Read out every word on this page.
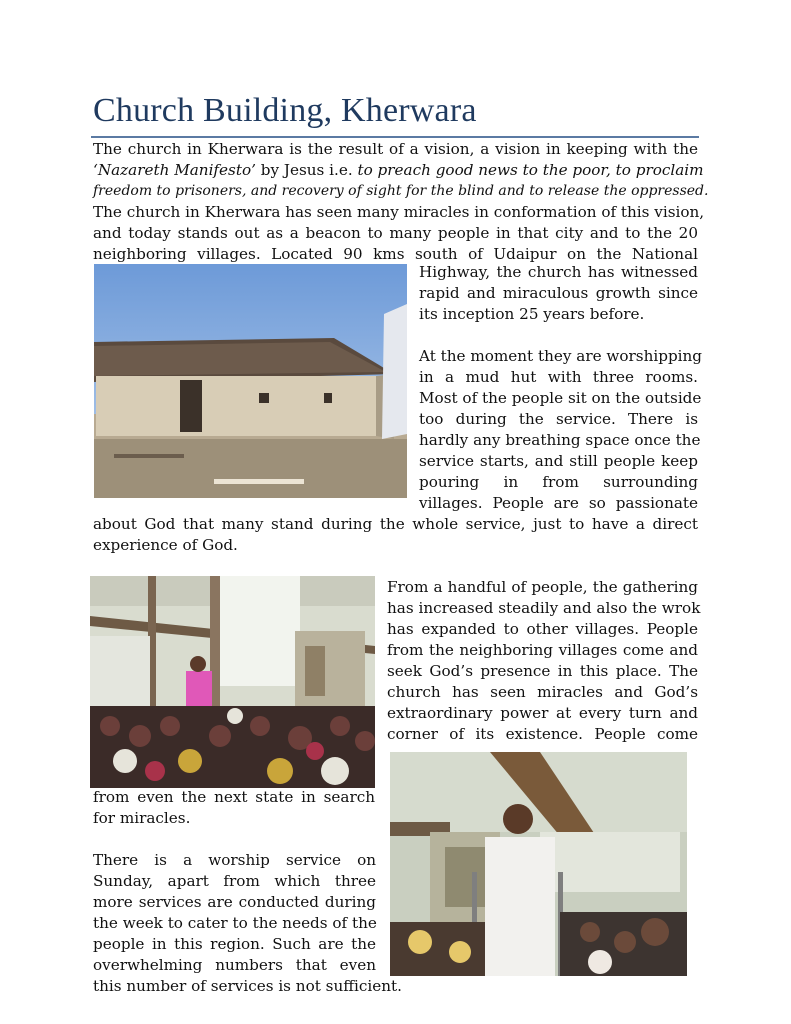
Church Building, Kherwara
The church in Kherwara is the result of a vision, a vision in keeping with the
‘Nazareth Manifesto’ by Jesus i.e. to preach good news to the poor, to proclaim
freedom to prisoners, and recovery of sight for the blind and to release the oppressed.
The church in Kherwara has seen many miracles in conformation of this vision,
and today stands out as a beacon to many people in that city and to the 20
neighboring villages. Located 90 kms south of Udaipur on the National
Highway, the church has witnessed
rapid and miraculous growth since
its inception 25 years before.
At the moment they are worshipping
in a mud hut with three rooms.
Most of the people sit on the outside
too during the service. There is
hardly any breathing space once the
service starts, and still people keep
pouring in from surrounding
villages. People are so passionate
about God that many stand during the whole service, just to have a direct
experience of God.
From a handful of people, the gathering
has increased steadily and also the wrok
has expanded to other villages. People
from the neighboring villages come and
seek God’s presence in this place. The
church has seen miracles and God’s
extraordinary power at every turn and
corner of its existence. People come
from even the next state in search
for miracles.
There is a worship service on
Sunday, apart from which three
more services are conducted during
the week to cater to the needs of the
people in this region. Such are the
overwhelming numbers that even
this number of services is not sufficient.
